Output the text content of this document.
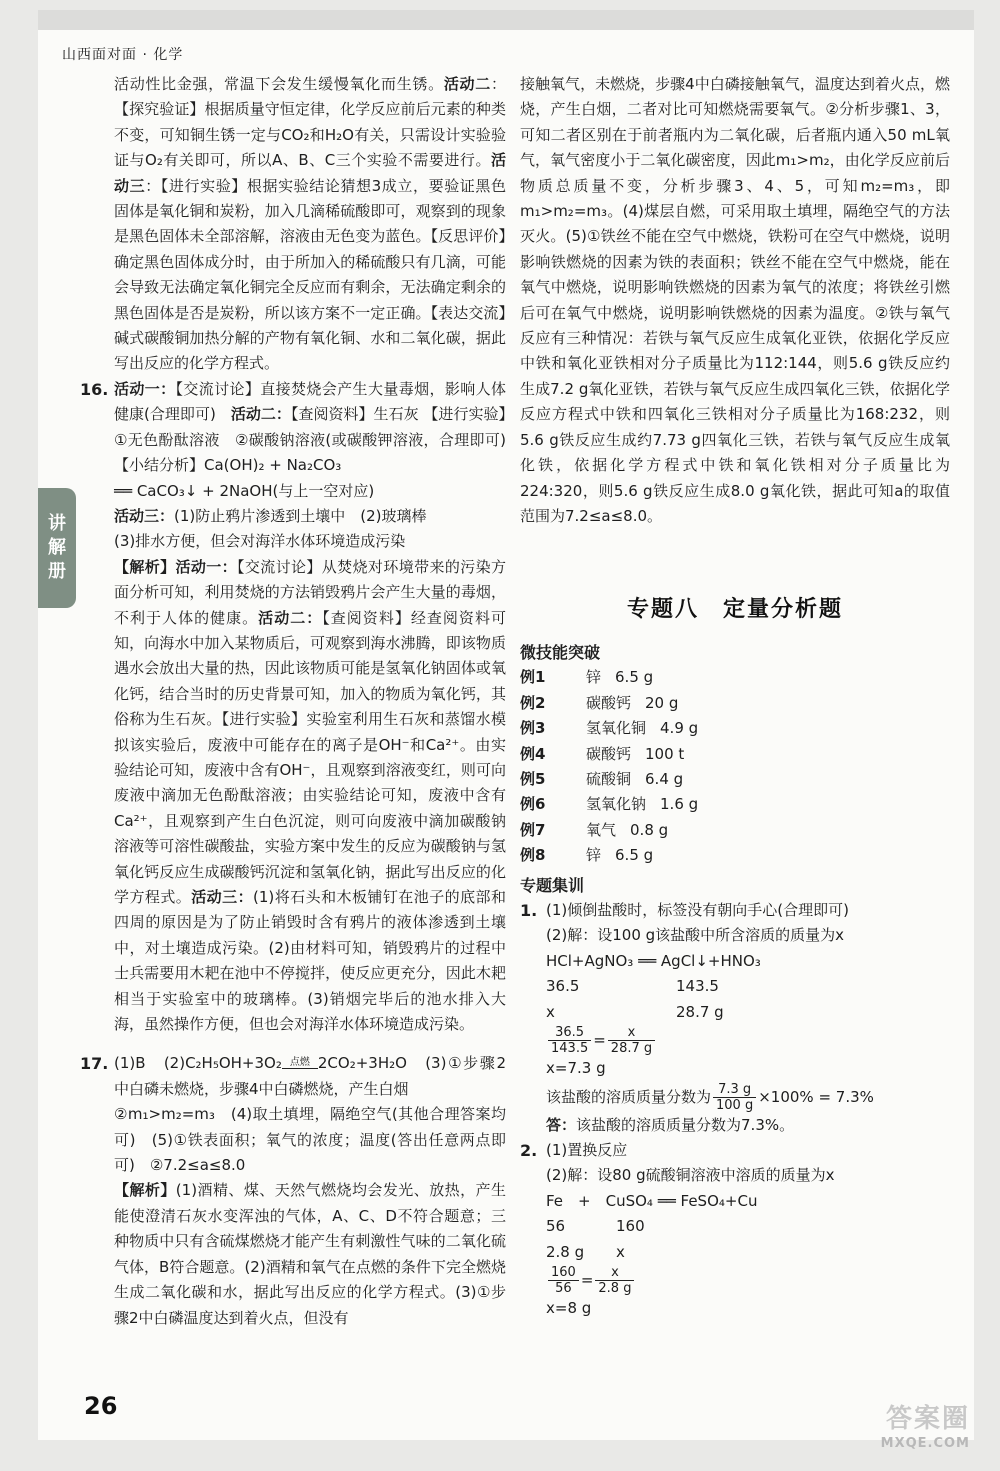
山西面对面 · 化学
讲
解
册

活动性比金强，常温下会发生缓慢氧化而生锈。活动二：【探究验证】根据质量守恒定律，化学反应前后元素的种类不变，可知铜生锈一定与CO₂和H₂O有关，只需设计实验验证与O₂有关即可，所以A、B、C三个实验不需要进行。活动三：【进行实验】根据实验结论猜想3成立，要验证黑色固体是氧化铜和炭粉，加入几滴稀硫酸即可，观察到的现象是黑色固体未全部溶解，溶液由无色变为蓝色。【反思评价】确定黑色固体成分时，由于所加入的稀硫酸只有几滴，可能会导致无法确定氧化铜完全反应而有剩余，无法确定剩余的黑色固体是否是炭粉，所以该方案不一定正确。【表达交流】碱式碳酸铜加热分解的产物有氧化铜、水和二氧化碳，据此写出反应的化学方程式。

16. 活动一：【交流讨论】直接焚烧会产生大量毒烟，影响人体健康(合理即可)　 活动二：【查阅资料】生石灰 【进行实验】①无色酚酞溶液　②碳酸钠溶液(或碳酸钾溶液，合理即可)　【小结分析】Ca(OH)₂ + Na₂CO₃

══ CaCO₃↓ + 2NaOH(与上一空对应)

活动三：(1)防止鸦片渗透到土壤中　(2)玻璃棒

(3)排水方便，但会对海洋水体环境造成污染

【解析】活动一：【交流讨论】从焚烧对环境带来的污染方面分析可知，利用焚烧的方法销毁鸦片会产生大量的毒烟，不利于人体的健康。活动二：【查阅资料】经查阅资料可知，向海水中加入某物质后，可观察到海水沸腾，即该物质遇水会放出大量的热，因此该物质可能是氢氧化钠固体或氧化钙，结合当时的历史背景可知，加入的物质为氧化钙，其俗称为生石灰。【进行实验】实验室利用生石灰和蒸馏水模拟该实验后，废液中可能存在的离子是OH⁻和Ca²⁺。由实验结论可知，废液中含有OH⁻，且观察到溶液变红，则可向废液中滴加无色酚酞溶液；由实验结论可知，废液中含有Ca²⁺，且观察到产生白色沉淀，则可向废液中滴加碳酸钠溶液等可溶性碳酸盐，实验方案中发生的反应为碳酸钠与氢氧化钙反应生成碳酸钙沉淀和氢氧化钠，据此写出反应的化学方程式。活动三：(1)将石头和木板铺钉在池子的底部和四周的原因是为了防止销毁时含有鸦片的液体渗透到土壤中，对土壤造成污染。(2)由材料可知，销毁鸦片的过程中士兵需要用木耙在池中不停搅拌，使反应更充分，因此木耙相当于实验室中的玻璃棒。(3)销烟完毕后的池水排入大海，虽然操作方便，但也会对海洋水体环境造成污染。

17. (1)B　(2)C₂H₅OH+3O₂ 点燃 2CO₂+3H₂O　(3)①步骤2中白磷未燃烧，步骤4中白磷燃烧，产生白烟

②m₁>m₂=m₃　(4)取土填埋，隔绝空气(其他合理答案均可)　(5)①铁表面积；氧气的浓度；温度(答出任意两点即可)　②7.2≤a≤8.0

【解析】(1)酒精、煤、天然气燃烧均会发光、放热，产生能使澄清石灰水变浑浊的气体，A、C、D不符合题意；三种物质中只有含硫煤燃烧才能产生有刺激性气味的二氧化硫气体，B符合题意。(2)酒精和氧气在点燃的条件下完全燃烧生成二氧化碳和水，据此写出反应的化学方程式。(3)①步骤2中白磷温度达到着火点，但没有

接触氧气，未燃烧，步骤4中白磷接触氧气，温度达到着火点，燃烧，产生白烟，二者对比可知燃烧需要氧气。②分析步骤1、3，可知二者区别在于前者瓶内为二氧化碳，后者瓶内通入50 mL氧气，氧气密度小于二氧化碳密度，因此m₁>m₂，由化学反应前后物质总质量不变，分析步骤3、4、5，可知m₂=m₃，即m₁>m₂=m₃。(4)煤层自燃，可采用取土填埋，隔绝空气的方法灭火。(5)①铁丝不能在空气中燃烧，铁粉可在空气中燃烧，说明影响铁燃烧的因素为铁的表面积；铁丝不能在空气中燃烧，能在氧气中燃烧，说明影响铁燃烧的因素为氧气的浓度；将铁丝引燃后可在氧气中燃烧，说明影响铁燃烧的因素为温度。②铁与氧气反应有三种情况：若铁与氧气反应生成氧化亚铁，依据化学反应中铁和氧化亚铁相对分子质量比为112:144，则5.6 g铁反应约生成7.2 g氧化亚铁，若铁与氧气反应生成四氧化三铁，依据化学反应方程式中铁和四氧化三铁相对分子质量比为168:232，则5.6 g铁反应生成约7.73 g四氧化三铁，若铁与氧气反应生成氧化铁，依据化学方程式中铁和氧化铁相对分子质量比为224:320，则5.6 g铁反应生成8.0 g氧化铁，据此可知a的取值范围为7.2≤a≤8.0。

专题八　定量分析题

微技能突破

例1	锌 6.5 g
例2	碳酸钙 20 g
例3	氢氧化铜 4.9 g
例4	碳酸钙 100 t
例5	硫酸铜 6.4 g
例6	氢氧化钠 1.6 g
例7	氧气 0.8 g
例8	锌 6.5 g

专题集训

1. (1)倾倒盐酸时，标签没有朝向手心(合理即可)

(2)解：设100 g该盐酸中所含溶质的质量为x

HCl+AgNO₃ ══ AgCl↓+HNO₃

36.5	143.5

x	28.7 g

$\frac{36.5}{143.5} = \frac{x}{28.7 g}$

x=7.3 g

该盐酸的溶质质量分数为 $\frac{7.3 g}{100 g} \times 100\% = 7.3\%$

答：该盐酸的溶质质量分数为7.3%。

2. (1)置换反应

(2)解：设80 g硫酸铜溶液中溶质的质量为x

Fe　+　CuSO₄ ══ FeSO₄+Cu

56	160

2.8 g x

$\frac{160}{56} = \frac{x}{2.8 g}$

x=8 g

26	答案圈
MXQE.COM
